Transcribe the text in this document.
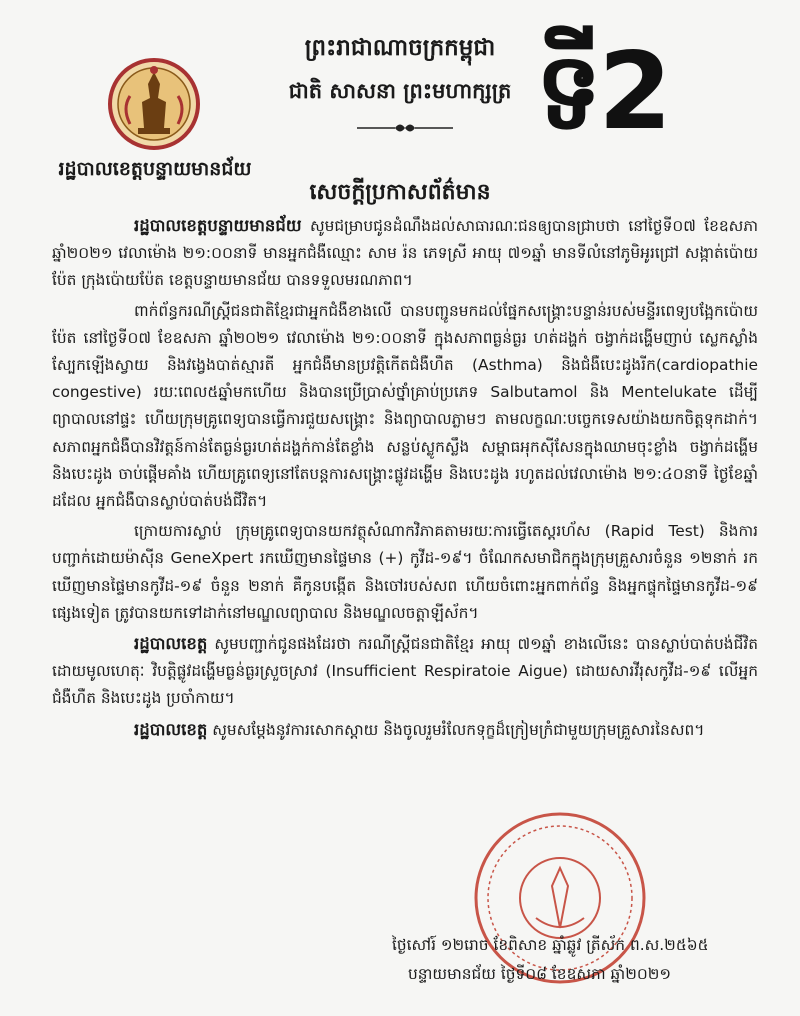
រដ្ឋបាលខេត្តបន្ទាយមានជ័យ
ព្រះរាជាណាចក្រកម្ពុជា
ជាតិ សាសនា ព្រះមហាក្សត្រ ទី2
សេចក្តីប្រកាសព័ត៌មាន

រដ្ឋបាលខេត្តបន្ទាយមានជ័យ សូមជម្រាបជូនដំណឹងដល់សាធារណៈជនឲ្យបានជ្រាបថា នៅថ្ងៃទី០៧ ខែឧសភា ឆ្នាំ២០២១ វេលាម៉ោង ២១:០០នាទី មានអ្នកជំងឺឈ្មោះ សាម រ៉ន ភេទស្រី អាយុ ៧១ឆ្នាំ មានទីលំនៅភូមិអូរជ្រៅ សង្កាត់ប៉ោយប៉ែត ក្រុងប៉ោយប៉ែត ខេត្តបន្ទាយមានជ័យ បានទទួលមរណភាព។

ពាក់ព័ន្ធករណីស្ត្រីជនជាតិខ្មែរជាអ្នកជំងឺខាងលើ បានបញ្ជូនមកដល់ផ្នែកសង្គ្រោះបន្ទាន់របស់មន្ទីរពេទ្យបង្អែកប៉ោយប៉ែត នៅថ្ងៃទី០៧ ខែឧសភា ឆ្នាំ២០២១ វេលាម៉ោង ២១:០០នាទី ក្នុងសភាពធ្ងន់ធ្ងរ ហត់ដង្ហក់ ចង្វាក់ដង្ហើមញាប់ ស្លេកស្លាំង ស្បែកឡើងស្វាយ និងវង្វេងបាត់ស្មារតី អ្នកជំងឺមានប្រវត្តិកើតជំងឺហឺត (Asthma) និងជំងឺបេះដូងរីក(cardiopathie congestive) រយៈពេល៥ឆ្នាំមកហើយ និងបានប្រើប្រាស់ថ្នាំគ្រាប់ប្រភេទ Salbutamol និង Mentelukate ដើម្បីព្យាបាលនៅផ្ទះ ហើយក្រុមគ្រូពេទ្យបានធ្វើការជួយសង្គ្រោះ និងព្យាបាលភ្លាមៗ តាមលក្ខណៈបច្ចេកទេសយ៉ាងយកចិត្តទុកដាក់។ សភាពអ្នកជំងឺបានវិវត្តន៍កាន់តែធ្ងន់ធ្ងរហត់ដង្ហក់កាន់តែខ្លាំង សន្លប់ស្លូកស្លឹង សម្ពាធអុកស៊ីសែនក្នុងឈាមចុះខ្លាំង ចង្វាក់ដង្ហើម និងបេះដូង ចាប់ផ្តើមគាំង ហើយគ្រូពេទ្យនៅតែបន្តការសង្គ្រោះផ្លូវដង្ហើម និងបេះដូង រហូតដល់វេលាម៉ោង ២១:៤០នាទី ថ្ងៃខែឆ្នាំដដែល អ្នកជំងឺបានស្លាប់បាត់បង់ជីវិត។

ក្រោយការស្លាប់ ក្រុមគ្រូពេទ្យបានយកវត្ថុសំណាកវិភាគតាមរយៈការធ្វើតេស្តរហ័ស (Rapid Test) និងការបញ្ជាក់ដោយម៉ាស៊ីន GeneXpert រកឃើញមានផ្ទៃមាន (+) កូវីដ-១៩។ ចំណែកសមាជិកក្នុងក្រុមគ្រួសារចំនួន ១២នាក់ រកឃើញមានផ្ទៃមានកូវីដ-១៩ ចំនួន ២នាក់ គឺកូនបង្កើត និងចៅរបស់សព ហើយចំពោះអ្នកពាក់ព័ន្ធ និងអ្នកផ្ទុកផ្ទៃមានកូវីដ-១៩ ផ្សេងទៀត ត្រូវបានយកទៅដាក់នៅមណ្ឌលព្យាបាល និងមណ្ឌលចត្តាឡីស័ក។

រដ្ឋបាលខេត្ត សូមបញ្ជាក់ជូនផងដែរថា ករណីស្ត្រីជនជាតិខ្មែរ អាយុ ៧១ឆ្នាំ ខាងលើនេះ បានស្លាប់បាត់បង់ជីវិតដោយមូលហេតុៈ វិបត្តិផ្លូវដង្ហើមធ្ងន់ធ្ងរស្រួចស្រាវ (Insufficient Respiratoie Aigue) ដោយសារវីរុសកូវីដ-១៩ លើអ្នកជំងឺហឺត និងបេះដូង ប្រចាំកាយ។

រដ្ឋបាលខេត្ត សូមសម្តែងនូវការសោកស្តាយ និងចូលរួមរំលែកទុក្ខដ៏ក្រៀមក្រំជាមួយក្រុមគ្រួសារនៃសព។

ថ្ងៃសៅរ៍ ១២រោច ខែពិសាខ ឆ្នាំឆ្លូវ ត្រីស័ក ព.ស.២៥៦៥
បន្ទាយមានជ័យ ថ្ងៃទី០៨ ខែឧសភា ឆ្នាំ២០២១
